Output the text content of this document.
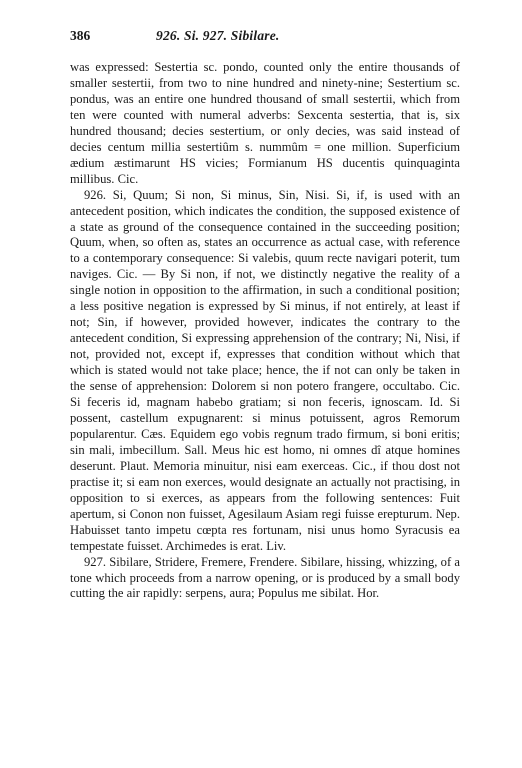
386	926. Si. 927. Sibilare.

was expressed: Sestertia sc. pondo, counted only the entire thousands of smaller sestertii, from two to nine hundred and ninety-nine; Sestertium sc. pondus, was an entire one hundred thousand of small sestertii, which from ten were counted with numeral adverbs: Sexcenta sestertia, that is, six hundred thousand; decies sestertium, or only decies, was said instead of decies centum millia sestertiûm s. nummûm = one million. Superficium ædium æstimarunt HS vicies; Formianum HS ducentis quinquaginta millibus. Cic.

926. Si, Quum; Si non, Si minus, Sin, Nisi. Si, if, is used with an antecedent position, which indicates the condition, the supposed existence of a state as ground of the consequence contained in the succeeding position; Quum, when, so often as, states an occurrence as actual case, with reference to a contemporary consequence: Si valebis, quum recte navigari poterit, tum naviges. Cic. — By Si non, if not, we distinctly negative the reality of a single notion in opposition to the affirmation, in such a conditional position; a less positive negation is expressed by Si minus, if not entirely, at least if not; Sin, if however, provided however, indicates the contrary to the antecedent condition, Si expressing apprehension of the contrary; Ni, Nisi, if not, provided not, except if, expresses that condition without which that which is stated would not take place; hence, the if not can only be taken in the sense of apprehension: Dolorem si non potero frangere, occultabo. Cic. Si feceris id, magnam habebo gratiam; si non feceris, ignoscam. Id. Si possent, castellum expugnarent: si minus potuissent, agros Remorum popularentur. Cæs. Equidem ego vobis regnum trado firmum, si boni eritis; sin mali, imbecillum. Sall. Meus hic est homo, ni omnes dî atque homines deserunt. Plaut. Memoria minuitur, nisi eam exerceas. Cic., if thou dost not practise it; si eam non exerces, would designate an actually not practising, in opposition to si exerces, as appears from the following sentences: Fuit apertum, si Conon non fuisset, Agesilaum Asiam regi fuisse erepturum. Nep. Habuisset tanto impetu cœpta res fortunam, nisi unus homo Syracusis ea tempestate fuisset. Archimedes is erat. Liv.

927. Sibilare, Stridere, Fremere, Frendere. Sibilare, hissing, whizzing, of a tone which proceeds from a narrow opening, or is produced by a small body cutting the air rapidly: serpens, aura; Populus me sibilat. Hor.
